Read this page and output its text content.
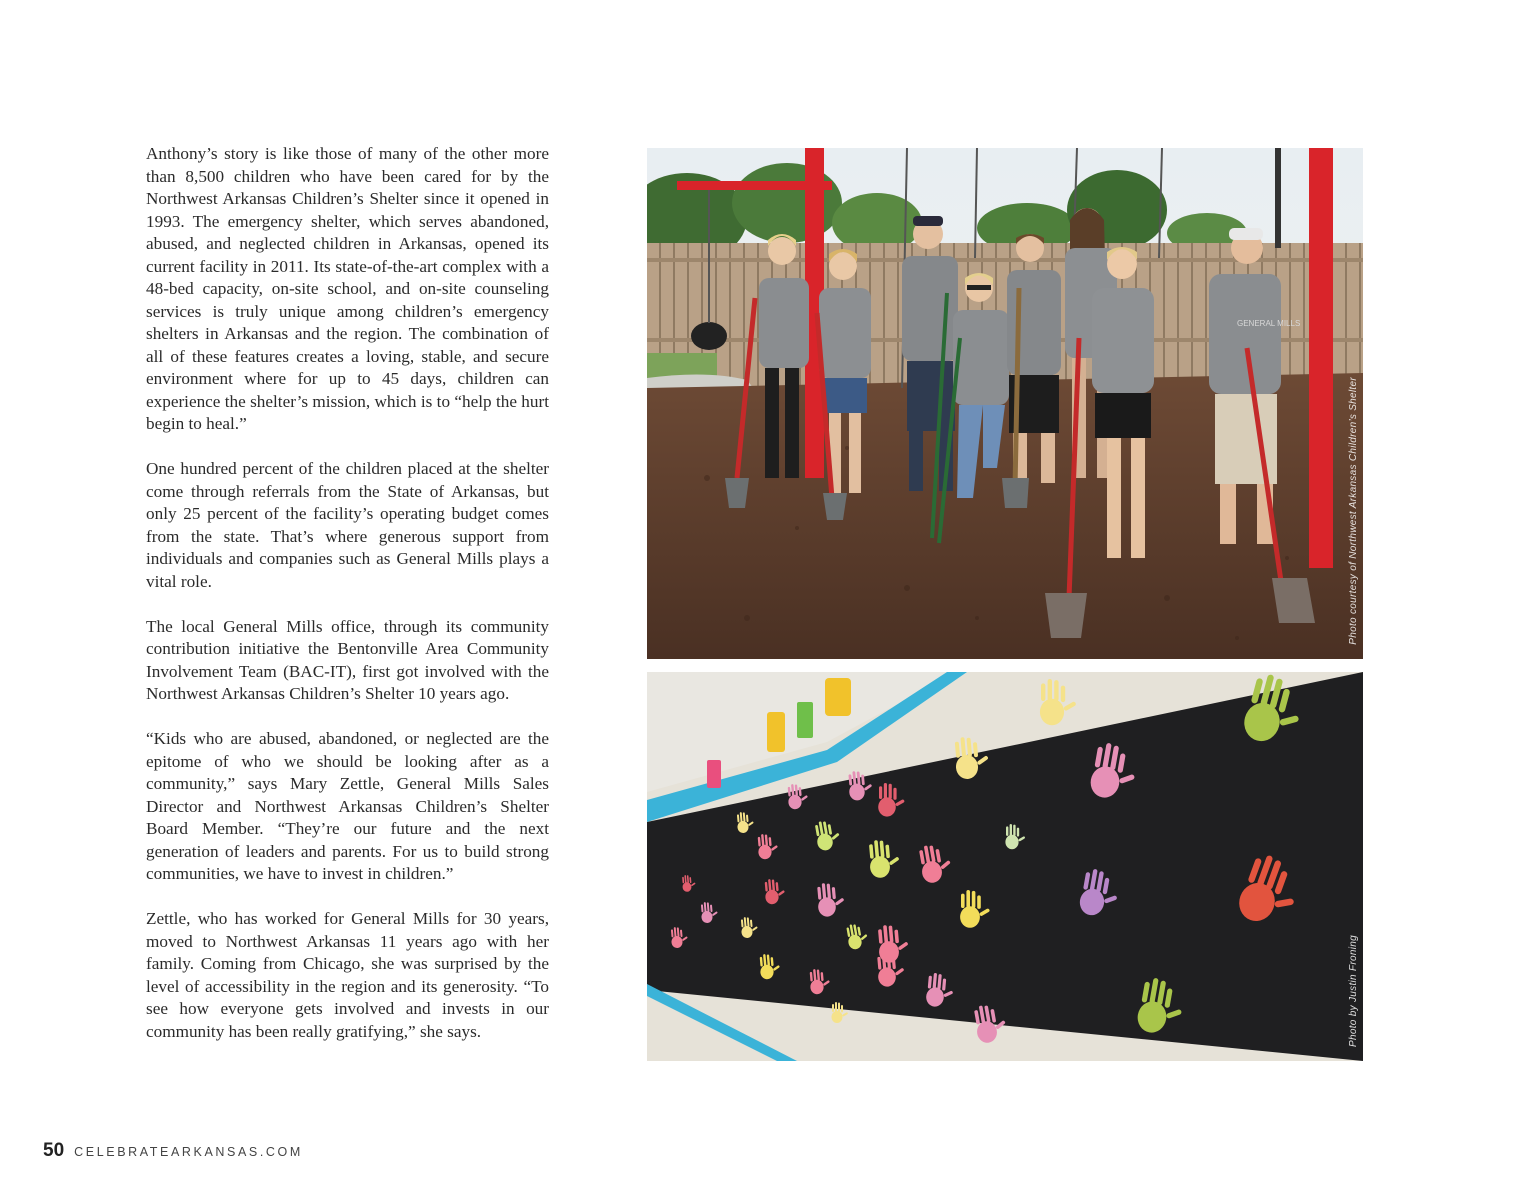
Anthony’s story is like those of many of the other more than 8,500 children who have been cared for by the Northwest Arkansas Children’s Shelter since it opened in 1993. The emergency shelter, which serves abandoned, abused, and neglected children in Arkansas, opened its current facility in 2011. Its state-of-the-art complex with a 48-bed capacity, on-site school, and on-site counseling services is truly unique among children’s emergency shelters in Arkansas and the region. The combination of all of these features creates a loving, stable, and secure environment where for up to 45 days, children can experience the shelter’s mission, which is to “help the hurt begin to heal.”

One hundred percent of the children placed at the shelter come through referrals from the State of Arkansas, but only 25 percent of the facility’s operating budget comes from the state. That’s where generous support from individuals and companies such as General Mills plays a vital role.

The local General Mills office, through its community contribution initiative the Bentonville Area Community Involvement Team (BAC-IT), first got involved with the Northwest Arkansas Children’s Shelter 10 years ago.

“Kids who are abused, abandoned, or neglected are the epitome of who we should be looking after as a community,” says Mary Zettle, General Mills Sales Director and Northwest Arkansas Children’s Shelter Board Member. “They’re our future and the next generation of leaders and parents. For us to build strong communities, we have to invest in children.”

Zettle, who has worked for General Mills for 30 years, moved to Northwest Arkansas 11 years ago with her family. Coming from Chicago, she was surprised by the level of accessibility in the region and its generosity. “To see how everyone gets involved and invests in our community has been really gratifying,” she says.

GENERAL MILLS
Photo courtesy of Northwest Arkansas Children’s Shelter
Photo by Justin Froning
50 CELEBRATEARKANSAS.COM
